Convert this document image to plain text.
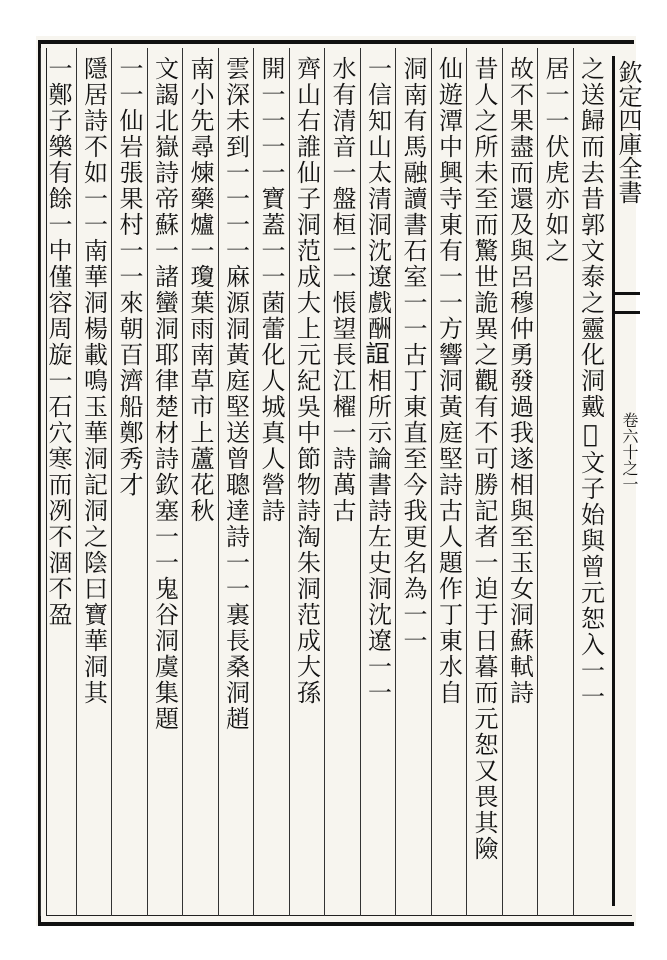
欽定四庫全書
卷六十之一
之送歸而去昔郭文泰之靈化洞戴𨕖文子始與曾元恕入一一
居一一伏虎亦如之
故不果盡而還及與呂穆仲勇發過我遂相與至玉女洞蘇軾詩
昔人之所未至而驚世詭異之觀有不可勝記者一迫于日暮而元恕又畏其險
仙遊潭中興寺東有一一方響洞黃庭堅詩古人題作丁東水自
洞南有馬融讀書石室一一古丁東直至今我更名為一一
一信知山太清洞沈遼戲酬𧨏相所示論書詩左史洞沈遼一一
水有清音一盤桓一一悵望長江櫂一詩萬古
齊山右誰仙子洞范成大上元紀吳中節物詩淘朱洞范成大孫
開一一一一寶蓋一一菌蕾化人城真人營詩
雲深未到一一一一麻源洞黃庭堅送曾聰達詩一一裏長桑洞趙
南小先尋煉藥爐一瓊葉雨南草市上蘆花秋
文謁北嶽詩帝蘇一諸蠻洞耶律楚材詩欽塞一一鬼谷洞虞集題
一一仙岩張果村一一來朝百濟船鄭秀才
隱居詩不如一一南華洞楊載鳴玉華洞記洞之陰曰寶華洞其
一鄭子樂有餘一中僅容周旋一石穴寒而冽不涸不盈
